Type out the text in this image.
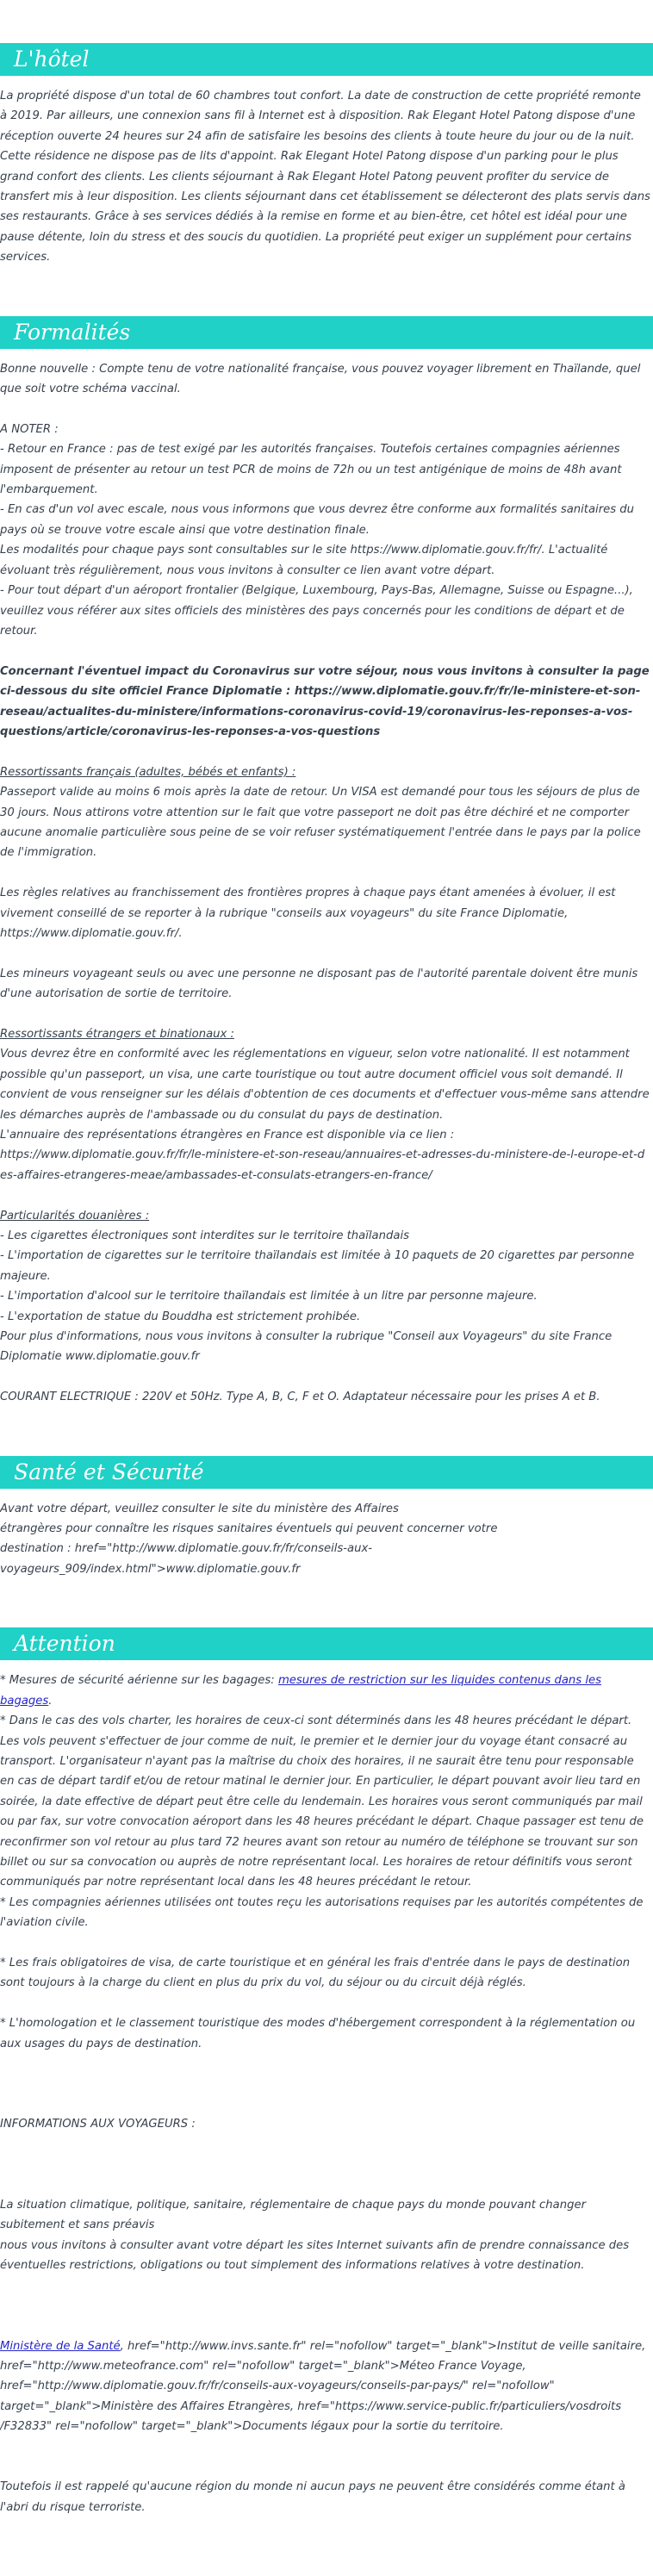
L'hôtel

La propriété dispose d'un total de 60 chambres tout confort. La date de construction de cette propriété remonte à 2019. Par ailleurs, une connexion sans fil à Internet est à disposition. Rak Elegant Hotel Patong dispose d'une réception ouverte 24 heures sur 24 afin de satisfaire les besoins des clients à toute heure du jour ou de la nuit. Cette résidence ne dispose pas de lits d'appoint. Rak Elegant Hotel Patong dispose d'un parking pour le plus grand confort des clients. Les clients séjournant à Rak Elegant Hotel Patong peuvent profiter du service de transfert mis à leur disposition. Les clients séjournant dans cet établissement se délecteront des plats servis dans ses restaurants. Grâce à ses services dédiés à la remise en forme et au bien-être, cet hôtel est idéal pour une pause détente, loin du stress et des soucis du quotidien. La propriété peut exiger un supplément pour certains services.

Formalités

Bonne nouvelle : Compte tenu de votre nationalité française, vous pouvez voyager librement en Thaïlande, quel que soit votre schéma vaccinal.

A NOTER :

- Retour en France : pas de test exigé par les autorités françaises. Toutefois certaines compagnies aériennes imposent de présenter au retour un test PCR de moins de 72h ou un test antigénique de moins de 48h avant l'embarquement.

- En cas d'un vol avec escale, nous vous informons que vous devrez être conforme aux formalités sanitaires du pays où se trouve votre escale ainsi que votre destination finale.

Les modalités pour chaque pays sont consultables sur le site https://www.diplomatie.gouv.fr/fr/. L'actualité évoluant très régulièrement, nous vous invitons à consulter ce lien avant votre départ.

- Pour tout départ d'un aéroport frontalier (Belgique, Luxembourg, Pays-Bas, Allemagne, Suisse ou Espagne...), veuillez vous référer aux sites officiels des ministères des pays concernés pour les conditions de départ et de retour.

Concernant l'éventuel impact du Coronavirus sur votre séjour, nous vous invitons à consulter la page ci-dessous du site officiel France Diplomatie : https://www.diplomatie.gouv.fr/fr/le-ministere-et-son-reseau/actualites-du-ministere/informations-coronavirus-covid-19/coronavirus-les-reponses-a-vos-questions/article/coronavirus-les-reponses-a-vos-questions

Ressortissants français (adultes, bébés et enfants) :

Passeport valide au moins 6 mois après la date de retour. Un VISA est demandé pour tous les séjours de plus de 30 jours. Nous attirons votre attention sur le fait que votre passeport ne doit pas être déchiré et ne comporter aucune anomalie particulière sous peine de se voir refuser systématiquement l'entrée dans le pays par la police de l'immigration.

Les règles relatives au franchissement des frontières propres à chaque pays étant amenées à évoluer, il est vivement conseillé de se reporter à la rubrique "conseils aux voyageurs" du site France Diplomatie, https://www.diplomatie.gouv.fr/.

Les mineurs voyageant seuls ou avec une personne ne disposant pas de l'autorité parentale doivent être munis d'une autorisation de sortie de territoire.

Ressortissants étrangers et binationaux :

Vous devrez être en conformité avec les réglementations en vigueur, selon votre nationalité. Il est notamment possible qu'un passeport, un visa, une carte touristique ou tout autre document officiel vous soit demandé. Il convient de vous renseigner sur les délais d'obtention de ces documents et d'effectuer vous-même sans attendre les démarches auprès de l'ambassade ou du consulat du pays de destination.

L'annuaire des représentations étrangères en France est disponible via ce lien :

https://www.diplomatie.gouv.fr/fr/le-ministere-et-son-reseau/annuaires-et-adresses-du-ministere-de-l-europe-et-des-affaires-etrangeres-meae/ambassades-et-consulats-etrangers-en-france/

Particularités douanières :

- Les cigarettes électroniques sont interdites sur le territoire thaïlandais

- L'importation de cigarettes sur le territoire thaïlandais est limitée à 10 paquets de 20 cigarettes par personne majeure.

- L'importation d'alcool sur le territoire thaïlandais est limitée à un litre par personne majeure.

- L'exportation de statue du Bouddha est strictement prohibée.

Pour plus d'informations, nous vous invitons à consulter la rubrique "Conseil aux Voyageurs" du site France Diplomatie www.diplomatie.gouv.fr

COURANT ELECTRIQUE : 220V et 50Hz. Type A, B, C, F et O. Adaptateur nécessaire pour les prises A et B.

Santé et Sécurité

Avant votre départ, veuillez consulter le site du ministère des Affaires

étrangères pour connaître les risques sanitaires éventuels qui peuvent concerner votre

destination : href="http://www.diplomatie.gouv.fr/fr/conseils-aux-voyageurs_909/index.html">www.diplomatie.gouv.fr

Attention

* Mesures de sécurité aérienne sur les bagages: mesures de restriction sur les liquides contenus dans les bagages.

* Dans le cas des vols charter, les horaires de ceux-ci sont déterminés dans les 48 heures précédant le départ. Les vols peuvent s'effectuer de jour comme de nuit, le premier et le dernier jour du voyage étant consacré au transport. L'organisateur n'ayant pas la maîtrise du choix des horaires, il ne saurait être tenu pour responsable en cas de départ tardif et/ou de retour matinal le dernier jour. En particulier, le départ pouvant avoir lieu tard en soirée, la date effective de départ peut être celle du lendemain. Les horaires vous seront communiqués par mail ou par fax, sur votre convocation aéroport dans les 48 heures précédant le départ. Chaque passager est tenu de reconfirmer son vol retour au plus tard 72 heures avant son retour au numéro de téléphone se trouvant sur son billet ou sur sa convocation ou auprès de notre représentant local. Les horaires de retour définitifs vous seront communiqués par notre représentant local dans les 48 heures précédant le retour.

* Les compagnies aériennes utilisées ont toutes reçu les autorisations requises par les autorités compétentes de l'aviation civile.

* Les frais obligatoires de visa, de carte touristique et en général les frais d'entrée dans le pays de destination sont toujours à la charge du client en plus du prix du vol, du séjour ou du circuit déjà réglés.

* L'homologation et le classement touristique des modes d'hébergement correspondent à la réglementation ou aux usages du pays de destination.

INFORMATIONS AUX VOYAGEURS :

La situation climatique, politique, sanitaire, réglementaire de chaque pays du monde pouvant changer subitement et sans préavis

nous vous invitons à consulter avant votre départ les sites Internet suivants afin de prendre connaissance des éventuelles restrictions, obligations ou tout simplement des informations relatives à votre destination.

Ministère de la Santé, href="http://www.invs.sante.fr" rel="nofollow" target="_blank">Institut de veille sanitaire, href="http://www.meteofrance.com" rel="nofollow" target="_blank">Méteo France Voyage, href="http://www.diplomatie.gouv.fr/fr/conseils-aux-voyageurs/conseils-par-pays/" rel="nofollow" target="_blank">Ministère des Affaires Etrangères, href="https://www.service-public.fr/particuliers/vosdroits /F32833" rel="nofollow" target="_blank">Documents légaux pour la sortie du territoire.

Toutefois il est rappelé qu'aucune région du monde ni aucun pays ne peuvent être considérés comme étant à l'abri du risque terroriste.
